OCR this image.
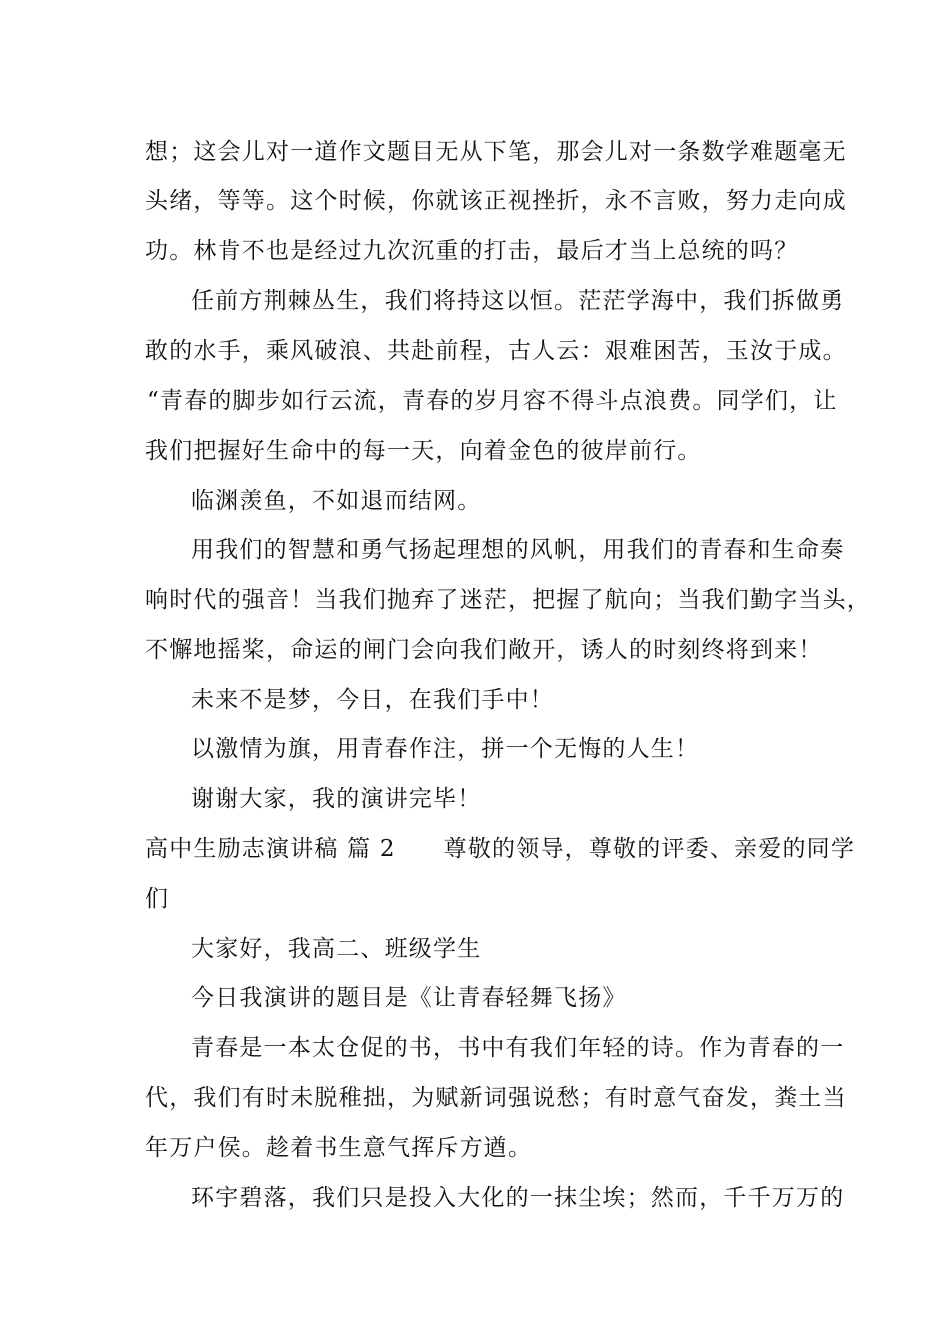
想；这会儿对一道作文题目无从下笔，那会儿对一条数学难题毫无
头绪，等等。这个时候，你就该正视挫折，永不言败，努力走向成
功。林肯不也是经过九次沉重的打击，最后才当上总统的吗？
任前方荆棘丛生，我们将持这以恒。茫茫学海中，我们拆做勇
敢的水手，乘风破浪、共赴前程，古人云：艰难困苦，玉汝于成。
“青春的脚步如行云流，青春的岁月容不得斗点浪费。同学们，让
我们把握好生命中的每一天，向着金色的彼岸前行。
临渊羡鱼，不如退而结网。
用我们的智慧和勇气扬起理想的风帆，用我们的青春和生命奏
响时代的强音！当我们抛弃了迷茫，把握了航向；当我们勤字当头，
不懈地摇桨，命运的闸门会向我们敞开，诱人的时刻终将到来！
未来不是梦，今日，在我们手中！
以激情为旗，用青春作注，拼一个无悔的人生！
谢谢大家，我的演讲完毕！
高中生励志演讲稿 篇 2 尊敬的领导，尊敬的评委、亲爱的同学
们
大家好，我高二、班级学生
今日我演讲的题目是《让青春轻舞飞扬》
青春是一本太仓促的书，书中有我们年轻的诗。作为青春的一
代，我们有时未脱稚拙，为赋新词强说愁；有时意气奋发，粪土当
年万户侯。趁着书生意气挥斥方遒。
环宇碧落，我们只是投入大化的一抹尘埃；然而，千千万万的
